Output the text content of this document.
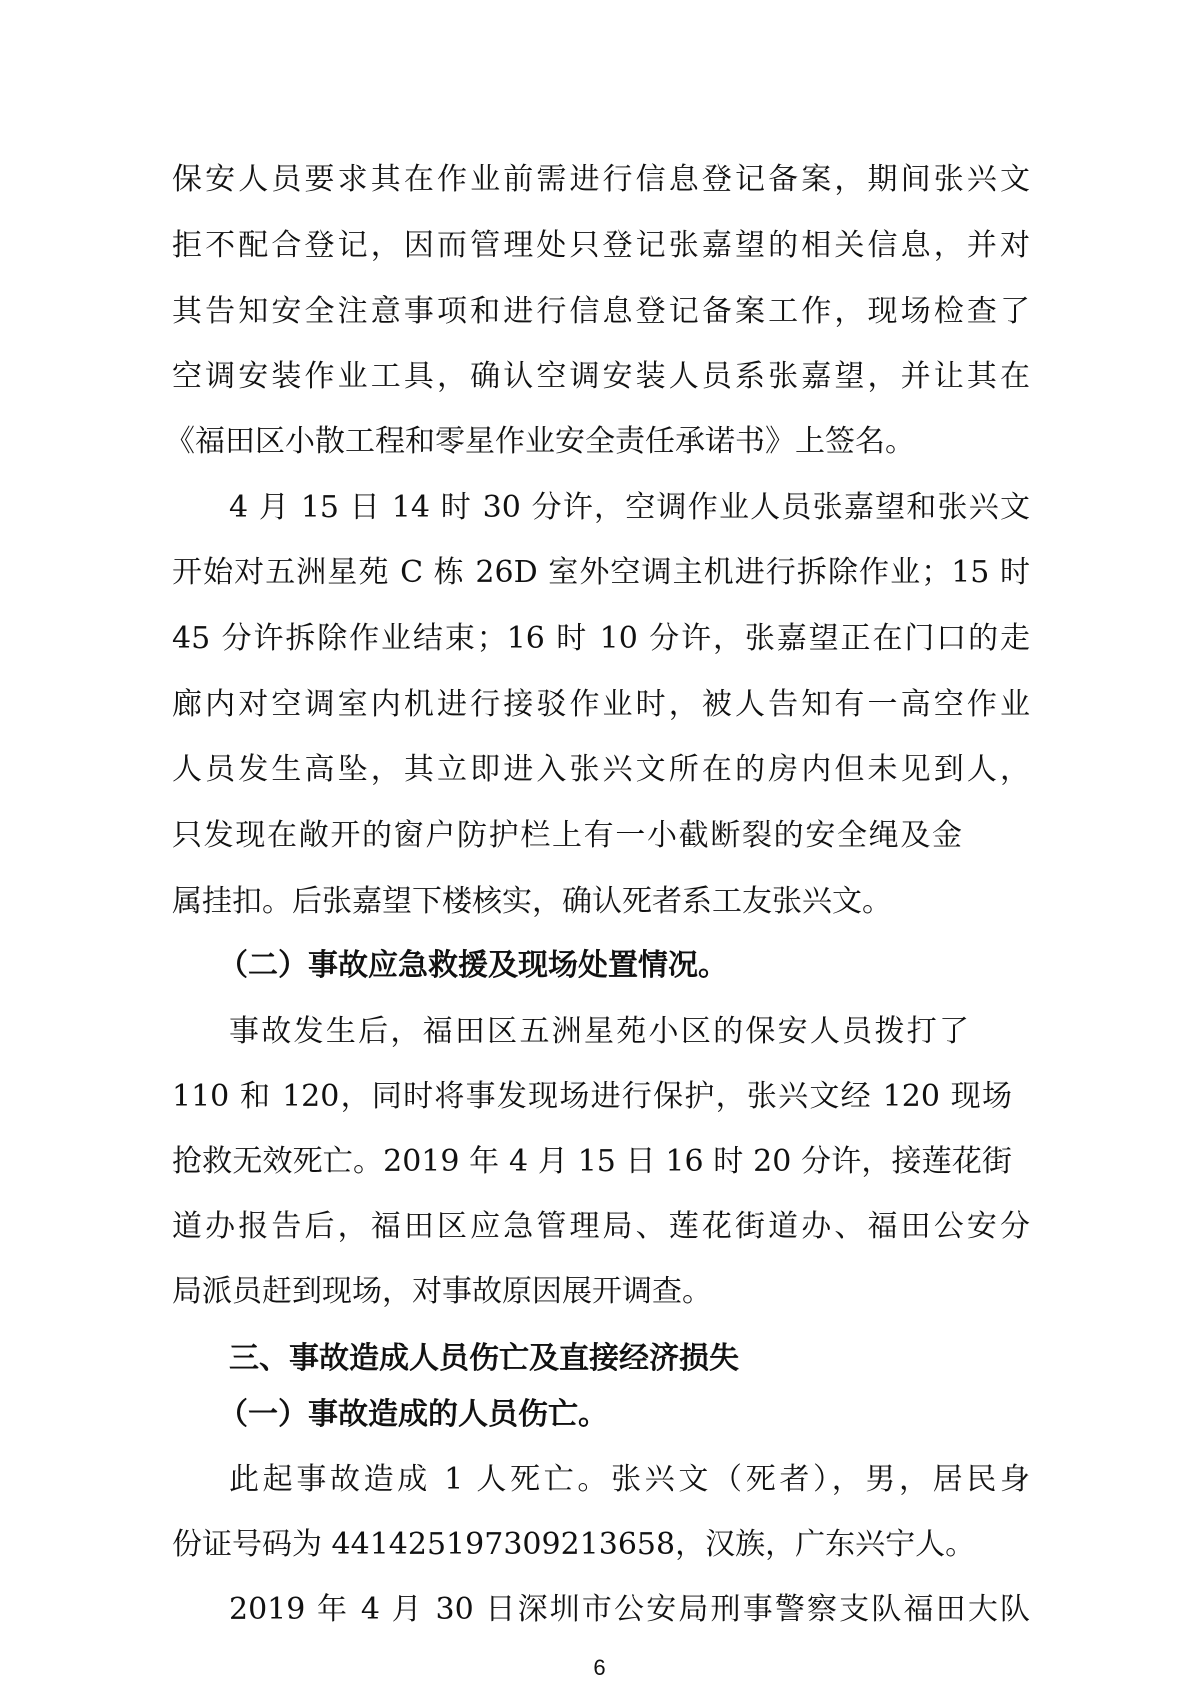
保安人员要求其在作业前需进行信息登记备案，期间张兴文
拒不配合登记，因而管理处只登记张嘉望的相关信息，并对
其告知安全注意事项和进行信息登记备案工作，现场检查了
空调安装作业工具，确认空调安装人员系张嘉望，并让其在
《福田区小散工程和零星作业安全责任承诺书》上签名。
4 月 15 日 14 时 30 分许，空调作业人员张嘉望和张兴文
开始对五洲星苑 C 栋 26D 室外空调主机进行拆除作业；15 时
45 分许拆除作业结束；16 时 10 分许，张嘉望正在门口的走
廊内对空调室内机进行接驳作业时，被人告知有一高空作业
人员发生高坠，其立即进入张兴文所在的房内但未见到人，
只发现在敞开的窗户防护栏上有一小截断裂的安全绳及金
属挂扣。后张嘉望下楼核实，确认死者系工友张兴文。
（二）事故应急救援及现场处置情况。
事故发生后，福田区五洲星苑小区的保安人员拨打了
110 和 120，同时将事发现场进行保护，张兴文经 120 现场
抢救无效死亡。2019 年 4 月 15 日 16 时 20 分许，接莲花街
道办报告后，福田区应急管理局、莲花街道办、福田公安分
局派员赶到现场，对事故原因展开调查。
三、事故造成人员伤亡及直接经济损失
（一）事故造成的人员伤亡。
此起事故造成 1 人死亡。张兴文（死者），男，居民身
份证号码为 441425197309213658，汉族，广东兴宁人。
2019 年 4 月 30 日深圳市公安局刑事警察支队福田大队
6
